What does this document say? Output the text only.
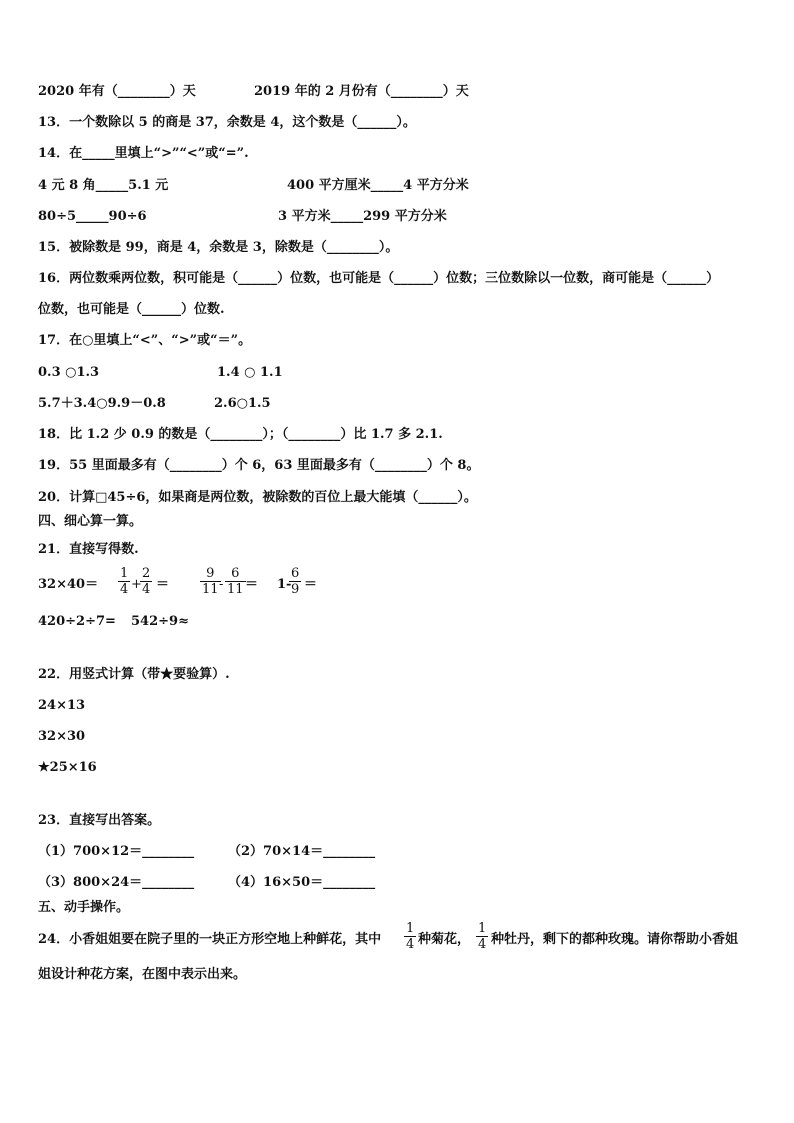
2020 年有（________）天	2019 年的 2 月份有（________）天
13．一个数除以 5 的商是 37，余数是 4，这个数是（______）。
14．在_____里填上“>”“<”或“=”.
4 元 8 角_____5.1 元	400 平方厘米_____4 平方分米
80÷5_____90÷6	3 平方米_____299 平方分米
15．被除数是 99，商是 4，余数是 3，除数是（________）。
16．两位数乘两位数，积可能是（______）位数，也可能是（______）位数；三位数除以一位数，商可能是（______）
位数，也可能是（______）位数.
17．在○里填上“<”、“>”或“＝”。
0.3 ○1.3	1.4 ○ 1.1
5.7＋3.4○9.9－0.8	2.6○1.5
18．比 1.2 少 0.9 的数是（________）；（________）比 1.7 多 2.1.
19．55 里面最多有（________）个 6，63 里面最多有（________）个 8。
20．计算□45÷6，如果商是两位数，被除数的百位上最大能填（______）。
四、细心算一算。
21．直接写得数.
32×40＝
1
4 +
2
4 ＝
9
11 -
6
11 ＝ 1-
6
9 ＝
420÷2÷7= 542÷9≈
22．用竖式计算（带★要验算）.
24×13
32×30
★25×16
23．直接写出答案。
（1）700×12＝________	（2）70×14＝________
（3）800×24＝________	（4）16×50＝________
五、动手操作。
24．小香姐姐要在院子里的一块正方形空地上种鲜花，其中
1
4 种菊花，
1
4 种牡丹，剩下的都种玫瑰。请你帮助小香姐
姐设计种花方案，在图中表示出来。
